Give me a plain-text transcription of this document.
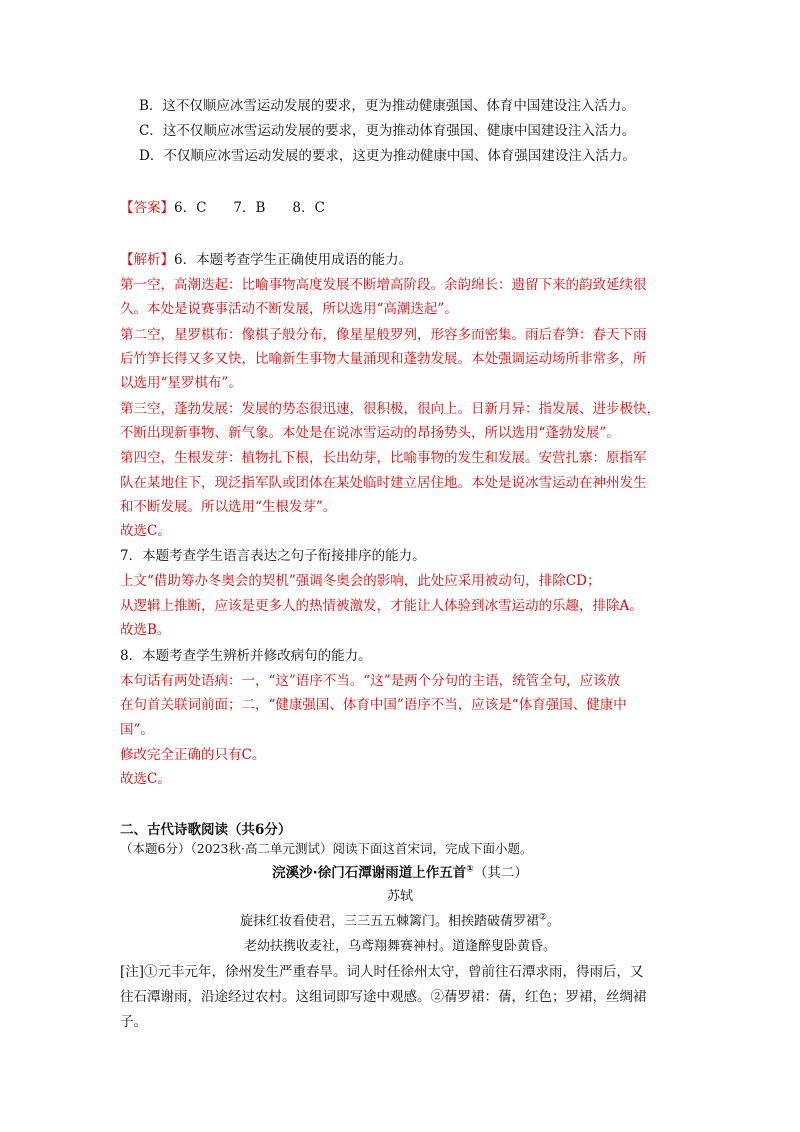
B．这不仅顺应冰雪运动发展的要求，更为推动健康强国、体育中国建设注入活力。
C．这不仅顺应冰雪运动发展的要求，更为推动体育强国、健康中国建设注入活力。
D．不仅顺应冰雪运动发展的要求，这更为推动健康中国、体育强国建设注入活力。
【答案】6．C　　7．B　　8．C
【解析】6．本题考查学生正确使用成语的能力。
第一空，高潮迭起：比喻事物高度发展不断增高阶段。余韵绵长：遗留下来的韵致延续很
久。本处是说赛事活动不断发展，所以选用“高潮迭起”。
第二空，星罗棋布：像棋子般分布，像星星般罗列，形容多而密集。雨后春笋：春天下雨
后竹笋长得又多又快，比喻新生事物大量涌现和蓬勃发展。本处强调运动场所非常多，所
以选用“星罗棋布”。
第三空，蓬勃发展：发展的势态很迅速，很积极，很向上。日新月异：指发展、进步极快，
不断出现新事物、新气象。本处是在说冰雪运动的昂扬势头，所以选用“蓬勃发展”。
第四空，生根发芽：植物扎下根，长出幼芽，比喻事物的发生和发展。安营扎寨：原指军
队在某地住下，现泛指军队或团体在某处临时建立居住地。本处是说冰雪运动在神州发生
和不断发展。所以选用“生根发芽”。
故选C。
7．本题考查学生语言表达之句子衔接排序的能力。
上文“借助筹办冬奥会的契机”强调冬奥会的影响，此处应采用被动句，排除CD；
从逻辑上推断，应该是更多人的热情被激发，才能让人体验到冰雪运动的乐趣，排除A。
故选B。
8．本题考查学生辨析并修改病句的能力。
本句话有两处语病：一，“这”语序不当。“这”是两个分句的主语，统管全句，应该放
在句首关联词前面；二，“健康强国、体育中国”语序不当，应该是“体育强国、健康中
国”。
修改完全正确的只有C。
故选C。
二、古代诗歌阅读（共6分）
（本题6分）（2023秋·高二单元测试）阅读下面这首宋词，完成下面小题。
浣溪沙·徐门石潭谢雨道上作五首①（其二）
苏轼
旋抹红妆看使君，三三五五棘篱门。相挨踏破蒨罗裙②。
老幼扶携收麦社，乌鸢翔舞赛神村。道逢醉叟卧黄昏。
[注]①元丰元年，徐州发生严重春旱。词人时任徐州太守，曾前往石潭求雨，得雨后，又
往石潭谢雨，沿途经过农村。这组词即写途中观感。②蒨罗裙：蒨，红色；罗裙，丝绸裙
子。
